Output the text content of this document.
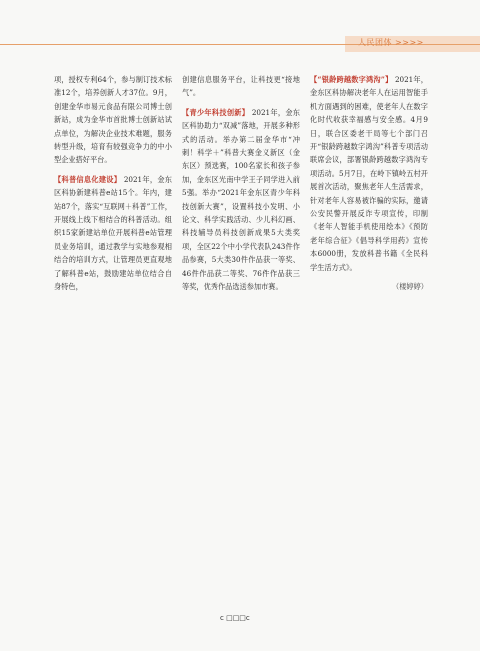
人民团体 >>>>

项，授权专利64个，参与制订技术标准12个，培养创新人才37位。9月，创建金华市易元食品有限公司博士创新站，成为金华市首批博士创新站试点单位，为解决企业技术难题，服务转型升级，培育有较强竞争力的中小型企业搭好平台。

【科普信息化建设】 2021年，金东区科协新建科普e站15个。年内，建站87个，落实“互联网＋科普”工作，开展线上线下相结合的科普活动。组织15家新建站单位开展科普e站管理员业务培训，通过教学与实地参观相结合的培训方式，让管理员更直观地了解科普e站，鼓励建站单位结合自身特色，

创建信息服务平台，让科技更“接地气”。

【青少年科技创新】 2021年，金东区科协助力“双减”落地，开展多种形式的活动。举办第二届金华市“冲刺！科学＋”科普大赛金义新区（金东区）预选赛，100名家长和孩子参加，金东区光南中学王子同学进入前5强。举办“2021年金东区青少年科技创新大赛”，设置科技小发明、小论文、科学实践活动、少儿科幻画、科技辅导员科技创新成果5大类奖项，全区22个中小学代表队243件作品参赛，5大类30件作品获一等奖、46件作品获二等奖、76件作品获三等奖，优秀作品选送参加市赛。

【“银龄跨越数字鸿沟”】 2021年，金东区科协解决老年人在运用智能手机方面遇到的困难，使老年人在数字化时代收获幸福感与安全感。4月9日，联合区委老干局等七个部门召开“银龄跨越数字鸿沟”科普专项活动联席会议，部署银龄跨越数字鸿沟专项活动。5月7日，在岭下镇岭五村开展首次活动，聚焦老年人生活需求，针对老年人容易被诈骗的实际，邀请公安民警开展反诈专项宣传，印制《老年人智能手机使用绘本》《预防老年综合征》《倡导科学用药》宣传本6000册，发放科普书籍《全民科学生活方式》。

（楼婷婷）
c □□□c
